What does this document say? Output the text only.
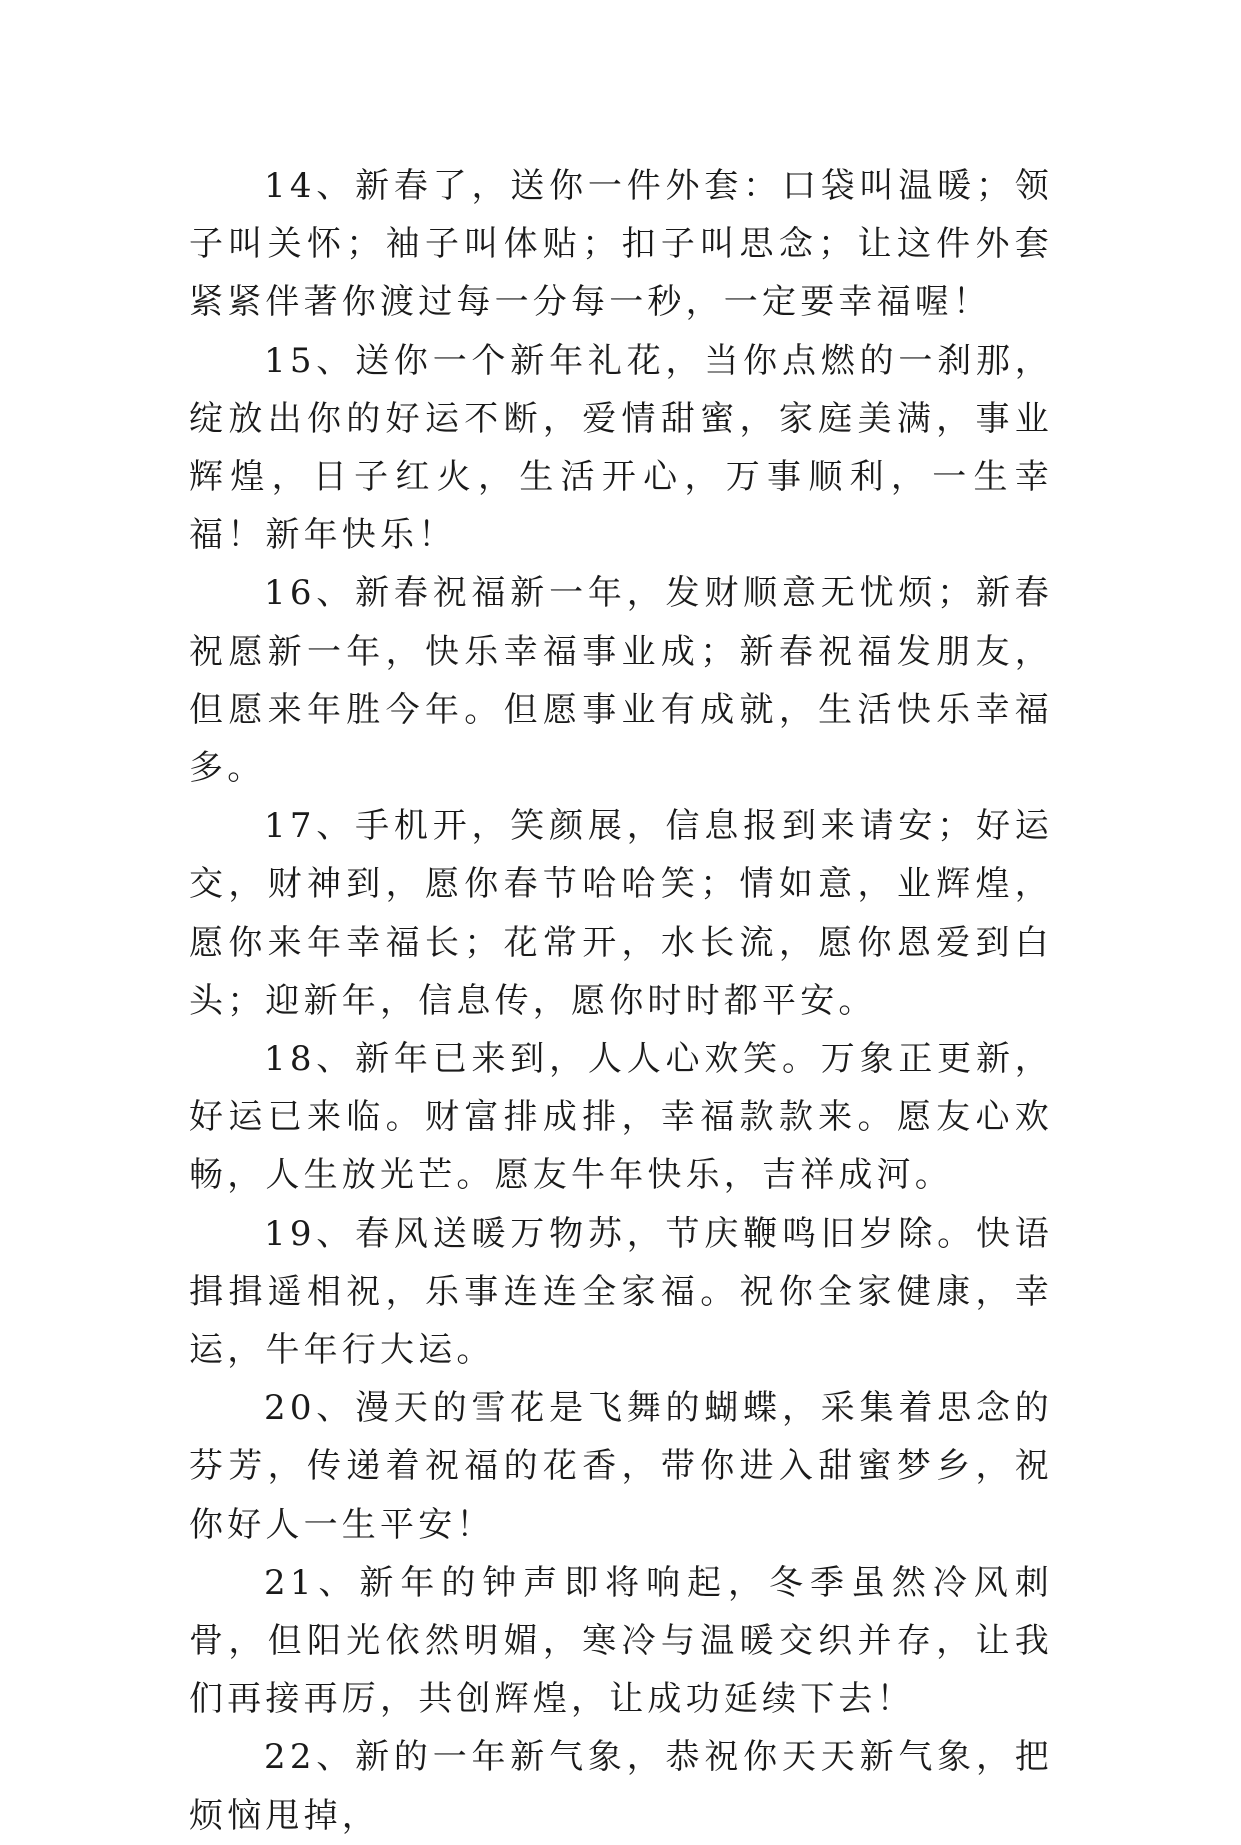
14、新春了，送你一件外套：口袋叫温暖；领子叫关怀；袖子叫体贴；扣子叫思念；让这件外套紧紧伴著你渡过每一分每一秒，一定要幸福喔！

15、送你一个新年礼花，当你点燃的一刹那，绽放出你的好运不断，爱情甜蜜，家庭美满，事业辉煌，日子红火，生活开心，万事顺利，一生幸福！新年快乐！

16、新春祝福新一年，发财顺意无忧烦；新春祝愿新一年，快乐幸福事业成；新春祝福发朋友，但愿来年胜今年。但愿事业有成就，生活快乐幸福多。

17、手机开，笑颜展，信息报到来请安；好运交，财神到，愿你春节哈哈笑；情如意，业辉煌，愿你来年幸福长；花常开，水长流，愿你恩爱到白头；迎新年，信息传，愿你时时都平安。

18、新年已来到，人人心欢笑。万象正更新，好运已来临。财富排成排，幸福款款来。愿友心欢畅，人生放光芒。愿友牛年快乐，吉祥成河。

19、春风送暖万物苏，节庆鞭鸣旧岁除。快语揖揖遥相祝，乐事连连全家福。祝你全家健康，幸运，牛年行大运。

20、漫天的雪花是飞舞的蝴蝶，采集着思念的芬芳，传递着祝福的花香，带你进入甜蜜梦乡，祝你好人一生平安！

21、新年的钟声即将响起，冬季虽然冷风刺骨，但阳光依然明媚，寒冷与温暖交织并存，让我们再接再厉，共创辉煌，让成功延续下去！

22、新的一年新气象，恭祝你天天新气象，把烦恼甩掉，
